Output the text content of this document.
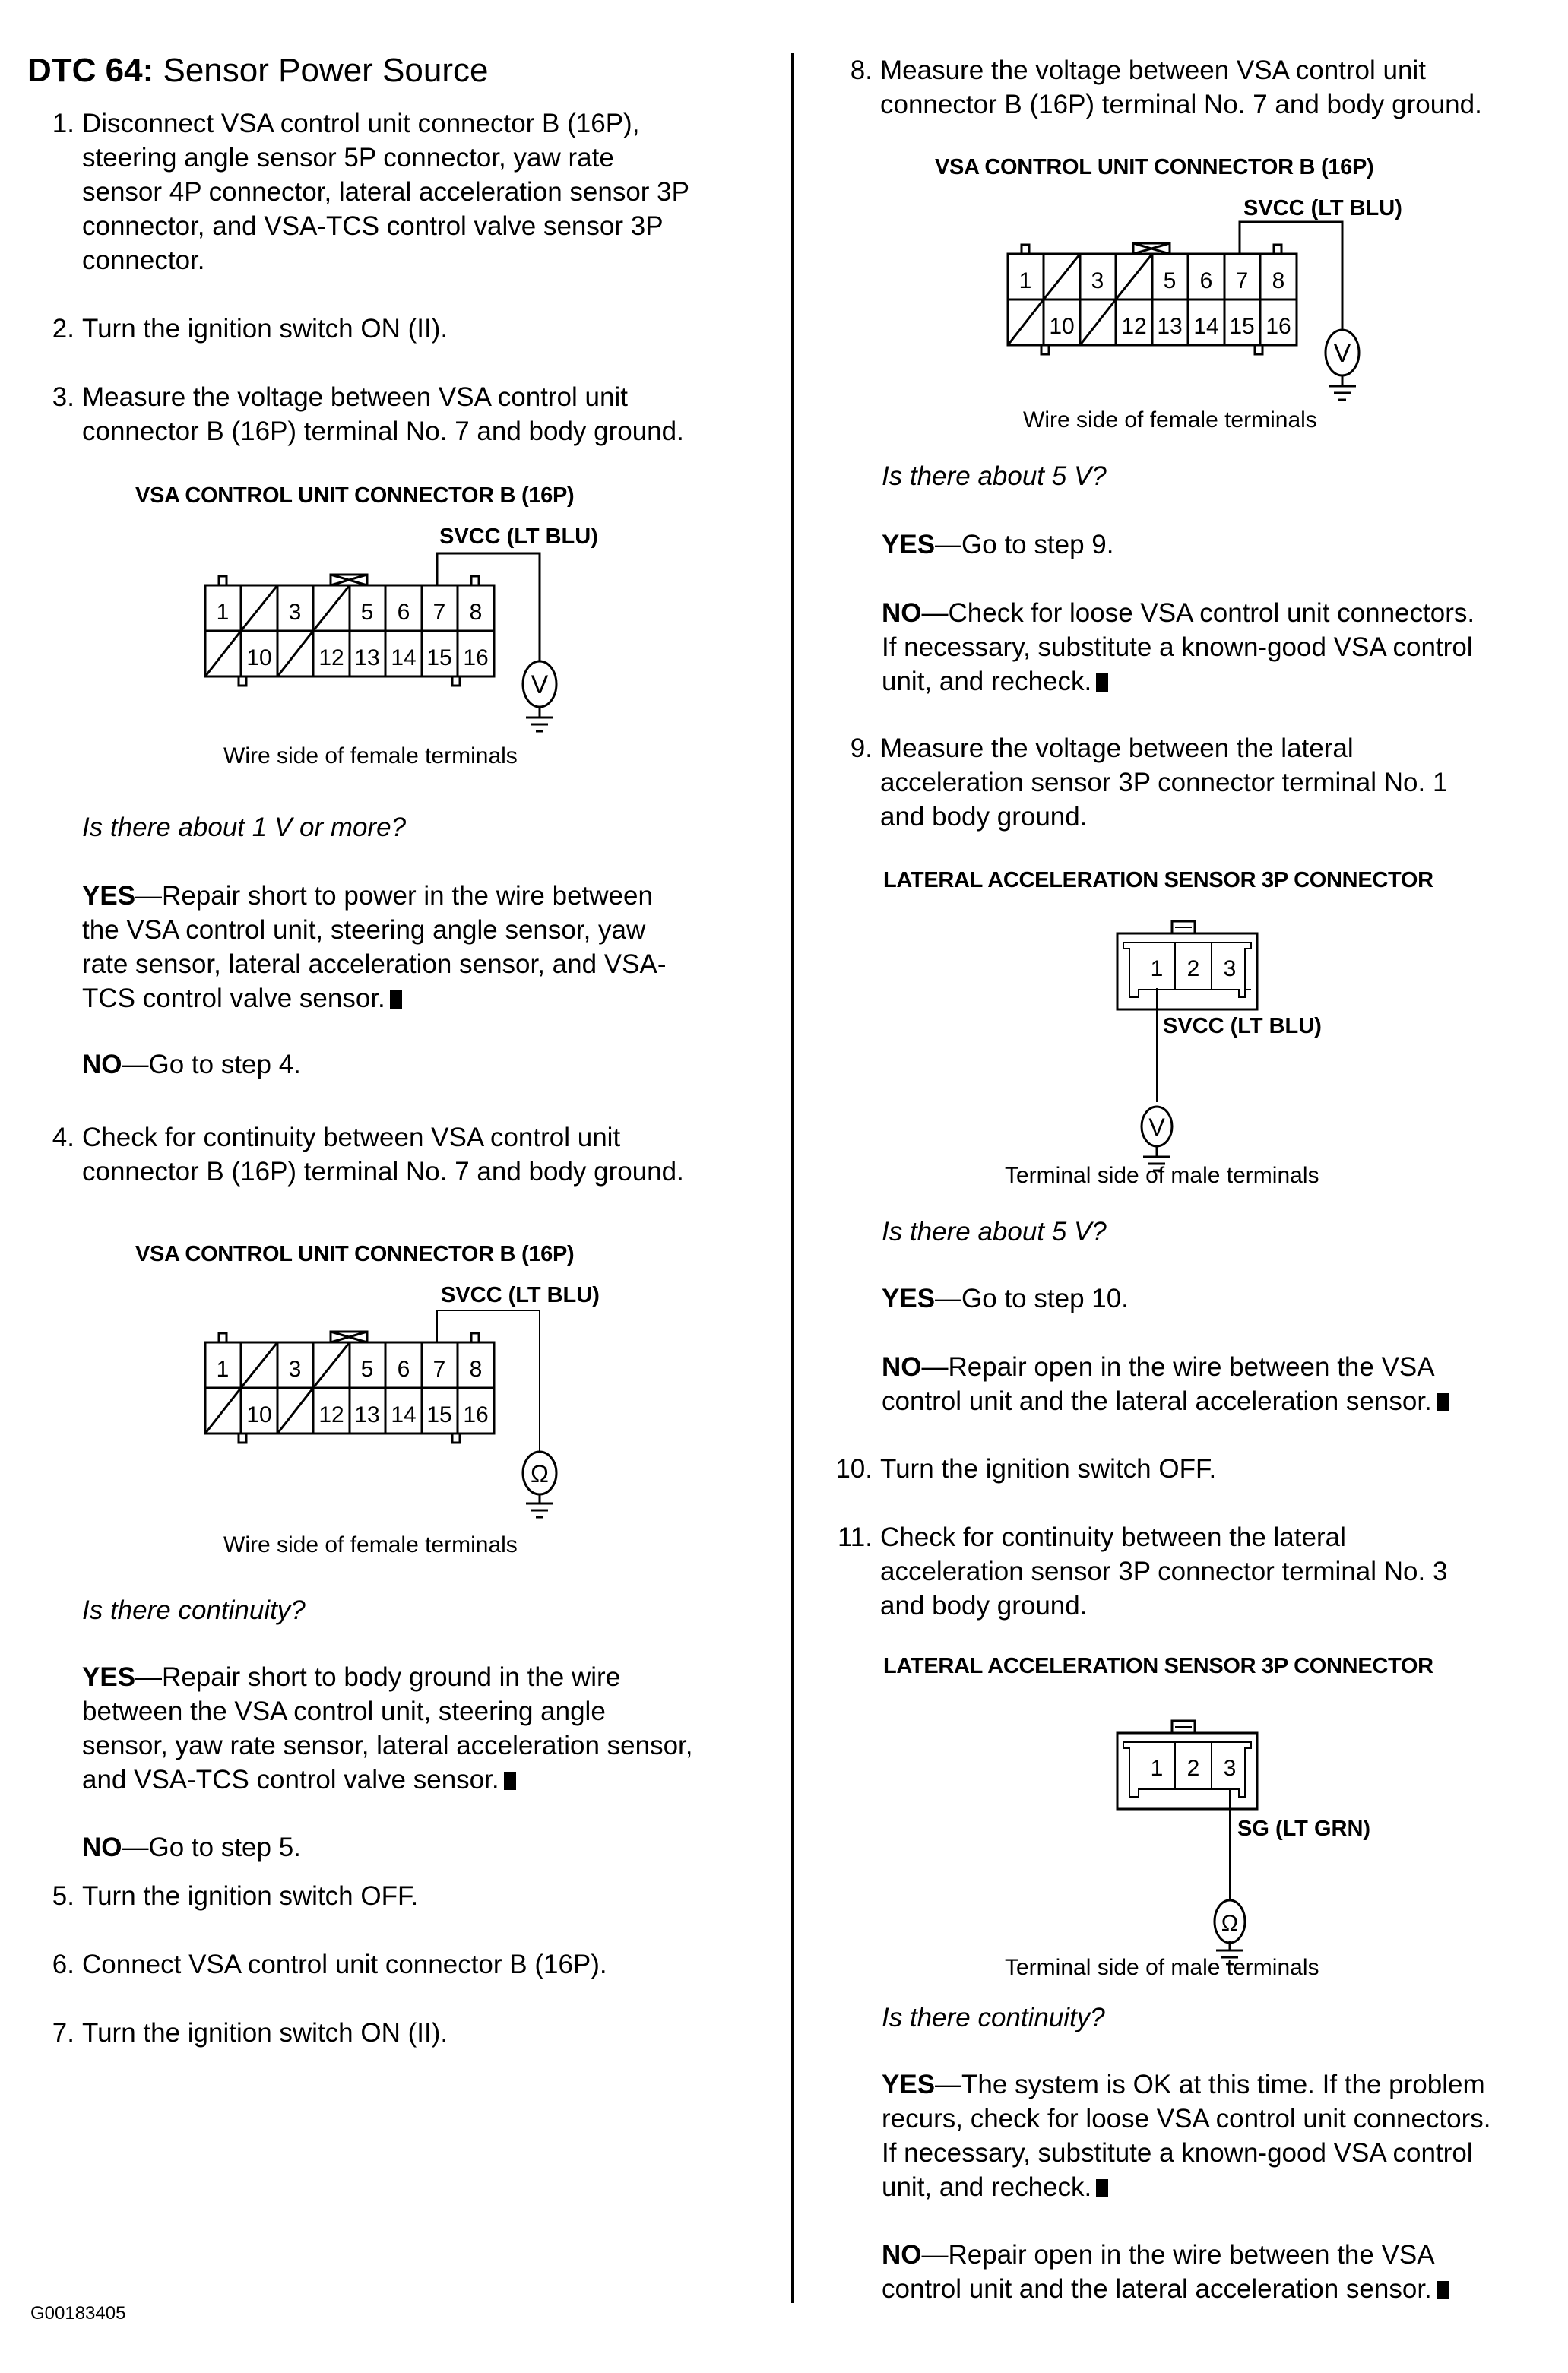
DTC 64: Sensor Power Source
1. Disconnect VSA control unit connector B (16P),
steering angle sensor 5P connector, yaw rate
sensor 4P connector, lateral acceleration sensor 3P
connector, and VSA-TCS control valve sensor 3P
connector.
2. Turn the ignition switch ON (II).
3. Measure the voltage between VSA control unit
connector B (16P) terminal No. 7 and body ground.
VSA CONTROL UNIT CONNECTOR B (16P)
SVCC (LT BLU)
1	3	5 6 7 8
10 12 13 14 15 16
V
Wire side of female terminals
Is there about 1 V or more?
YES—Repair short to power in the wire between
the VSA control unit, steering angle sensor, yaw
rate sensor, lateral acceleration sensor, and VSA-
TCS control valve sensor.
NO—Go to step 4.
4. Check for continuity between VSA control unit
connector B (16P) terminal No. 7 and body ground.
VSA CONTROL UNIT CONNECTOR B (16P)
SVCC (LT BLU)
1	3	5 6 7 8
10 12 13 14 15 16
Ω
Wire side of female terminals
Is there continuity?
YES—Repair short to body ground in the wire
between the VSA control unit, steering angle
sensor, yaw rate sensor, lateral acceleration sensor,
and VSA-TCS control valve sensor.
NO—Go to step 5.
5. Turn the ignition switch OFF.
6. Connect VSA control unit connector B (16P).
7. Turn the ignition switch ON (II).
8. Measure the voltage between VSA control unit
connector B (16P) terminal No. 7 and body ground.
VSA CONTROL UNIT CONNECTOR B (16P)
SVCC (LT BLU)
1	3	5 6 7 8
10 12 13 14 15 16
V
Wire side of female terminals
Is there about 5 V?
YES—Go to step 9.
NO—Check for loose VSA control unit connectors.
If necessary, substitute a known-good VSA control
unit, and recheck.
9. Measure the voltage between the lateral
acceleration sensor 3P connector terminal No. 1
and body ground.
LATERAL ACCELERATION SENSOR 3P CONNECTOR
1 2 3
V
SVCC (LT BLU)
Terminal side of male terminals
Is there about 5 V?
YES—Go to step 10.
NO—Repair open in the wire between the VSA
control unit and the lateral acceleration sensor.
10. Turn the ignition switch OFF.
11. Check for continuity between the lateral
acceleration sensor 3P connector terminal No. 3
and body ground.
LATERAL ACCELERATION SENSOR 3P CONNECTOR
1 2 3
Ω
SG (LT GRN)
Terminal side of male terminals
Is there continuity?
YES—The system is OK at this time. If the problem
recurs, check for loose VSA control unit connectors.
If necessary, substitute a known-good VSA control
unit, and recheck.
NO—Repair open in the wire between the VSA
control unit and the lateral acceleration sensor.
G00183405
